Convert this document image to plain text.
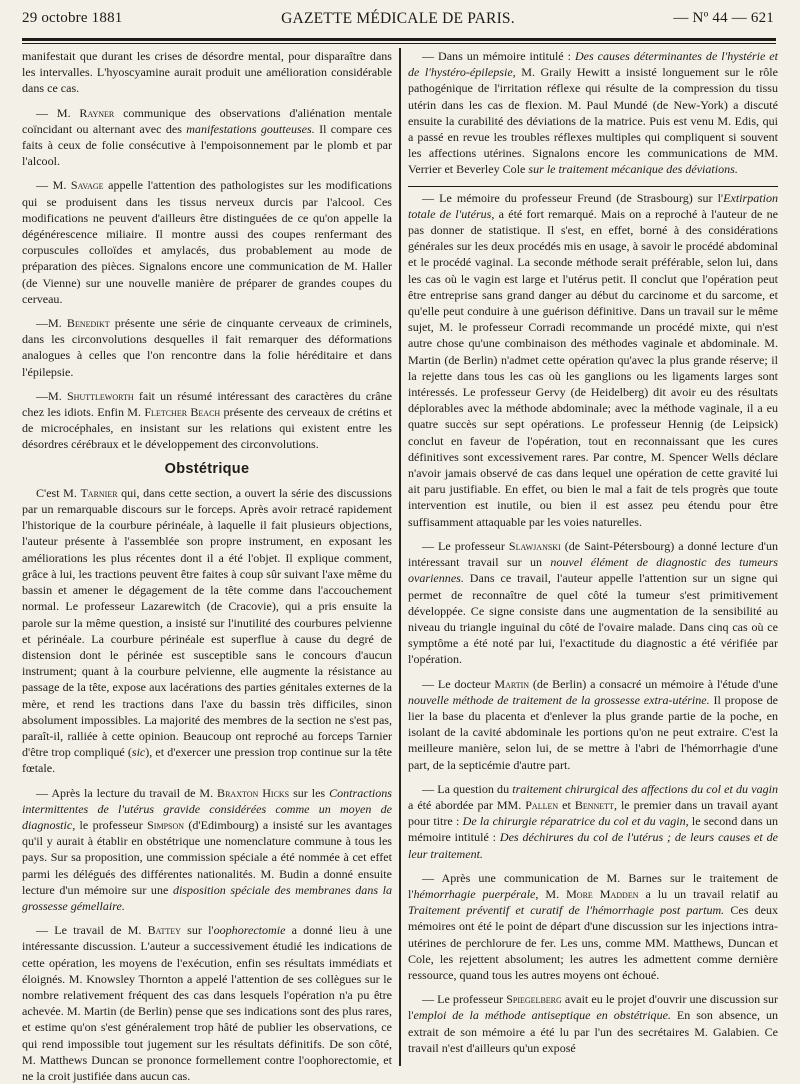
29 octobre 1881	GAZETTE MÉDICALE DE PARIS.	— Nº 44 — 621

manifestait que durant les crises de désordre mental, pour disparaître dans les intervalles. L'hyoscyamine aurait produit une amélioration considérable dans ce cas.

— M. Rayner communique des observations d'aliénation mentale coïncidant ou alternant avec des manifestations goutteuses. Il compare ces faits à ceux de folie consécutive à l'empoisonnement par le plomb et par l'alcool.

— M. Savage appelle l'attention des pathologistes sur les modifications qui se produisent dans les tissus nerveux durcis par l'alcool. Ces modifications ne peuvent d'ailleurs être distinguées de ce qu'on appelle la dégénérescence miliaire. Il montre aussi des coupes renfermant des corpuscules colloïdes et amylacés, dus probablement au mode de préparation des pièces. Signalons encore une communication de M. Haller (de Vienne) sur une nouvelle manière de préparer de grandes coupes du cerveau.

—M. Benedikt présente une série de cinquante cerveaux de criminels, dans les circonvolutions desquelles il fait remarquer des déformations analogues à celles que l'on rencontre dans la folie héréditaire et dans l'épilepsie.

—M. Shuttleworth fait un résumé intéressant des caractères du crâne chez les idiots. Enfin M. Fletcher Beach présente des cerveaux de crétins et de microcéphales, en insistant sur les relations qui existent entre les désordres cérébraux et le développement des circonvolutions.

Obstétrique

C'est M. Tarnier qui, dans cette section, a ouvert la série des discussions par un remarquable discours sur le forceps. Après avoir retracé rapidement l'historique de la courbure périnéale, à laquelle il fait plusieurs objections, l'auteur présente à l'assemblée son propre instrument, en exposant les améliorations les plus récentes dont il a été l'objet. Il explique comment, grâce à lui, les tractions peuvent être faites à coup sûr suivant l'axe même du bassin et amener le dégagement de la tête comme dans l'accouchement normal. Le professeur Lazarewitch (de Cracovie), qui a pris ensuite la parole sur la même question, a insisté sur l'inutilité des courbures pelvienne et périnéale. La courbure périnéale est superflue à cause du degré de distension dont le périnée est susceptible sans le concours d'aucun instrument; quant à la courbure pelvienne, elle augmente la résistance au passage de la tête, expose aux lacérations des parties génitales externes de la mère, et rend les tractions dans l'axe du bassin très difficiles, sinon absolument impossibles. La majorité des membres de la section ne s'est pas, paraît-il, ralliée à cette opinion. Beaucoup ont reproché au forceps Tarnier d'être trop compliqué (sic), et d'exercer une pression trop continue sur la tête fœtale.

— Après la lecture du travail de M. Braxton Hicks sur les Contractions intermittentes de l'utérus gravide considérées comme un moyen de diagnostic, le professeur Simpson (d'Edimbourg) a insisté sur les avantages qu'il y aurait à établir en obstétrique une nomenclature commune à tous les pays. Sur sa proposition, une commission spéciale a été nommée à cet effet parmi les délégués des différentes nationalités. M. Budin a donné ensuite lecture d'un mémoire sur une disposition spéciale des membranes dans la grossesse gémellaire.

— Le travail de M. Battey sur l'oophorectomie a donné lieu à une intéressante discussion. L'auteur a successivement étudié les indications de cette opération, les moyens de l'exécution, enfin ses résultats immédiats et éloignés. M. Knowsley Thornton a appelé l'attention de ses collègues sur le nombre relativement fréquent des cas dans lesquels l'opération n'a pu être achevée. M. Martin (de Berlin) pense que ses indications sont des plus rares, et estime qu'on s'est généralement trop hâté de publier les observations, ce qui rend impossible tout jugement sur les résultats définitifs. De son côté, M. Matthews Duncan se prononce formellement contre l'oophorectomie, et ne la croit justifiée dans aucun cas.

— Dans un mémoire intitulé : Des causes déterminantes de l'hystérie et de l'hystéro-épilepsie, M. Graily Hewitt a insisté longuement sur le rôle pathogénique de l'irritation réflexe qui résulte de la compression du tissu utérin dans les cas de flexion. M. Paul Mundé (de New-York) a discuté ensuite la curabilité des déviations de la matrice. Puis est venu M. Edis, qui a passé en revue les troubles réflexes multiples qui compliquent si souvent les affections utérines. Signalons encore les communications de MM. Verrier et Beverley Cole sur le traitement mécanique des déviations.

— Le mémoire du professeur Freund (de Strasbourg) sur l'Extirpation totale de l'utérus, a été fort remarqué. Mais on a reproché à l'auteur de ne pas donner de statistique. Il s'est, en effet, borné à des considérations générales sur les deux procédés mis en usage, à savoir le procédé abdominal et le procédé vaginal. La seconde méthode serait préférable, selon lui, dans les cas où le vagin est large et l'utérus petit. Il conclut que l'opération peut être entreprise sans grand danger au début du carcinome et du sarcome, et qu'elle peut conduire à une guérison définitive. Dans un travail sur le même sujet, M. le professeur Corradi recommande un procédé mixte, qui n'est autre chose qu'une combinaison des méthodes vaginale et abdominale. M. Martin (de Berlin) n'admet cette opération qu'avec la plus grande réserve; il la rejette dans tous les cas où les ganglions ou les ligaments larges sont intéressés. Le professeur Gervy (de Heidelberg) dit avoir eu des résultats déplorables avec la méthode abdominale; avec la méthode vaginale, il a eu quatre succès sur sept opérations. Le professeur Hennig (de Leipsick) conclut en faveur de l'opération, tout en reconnaissant que les cures définitives sont excessivement rares. Par contre, M. Spencer Wells déclare n'avoir jamais observé de cas dans lequel une opération de cette gravité lui ait paru justifiable. En effet, ou bien le mal a fait de tels progrès que toute intervention est inutile, ou bien il est assez peu étendu pour être suffisamment attaquable par les voies naturelles.

— Le professeur Slawjanski (de Saint-Pétersbourg) a donné lecture d'un intéressant travail sur un nouvel élément de diagnostic des tumeurs ovariennes. Dans ce travail, l'auteur appelle l'attention sur un signe qui permet de reconnaître de quel côté la tumeur s'est primitivement développée. Ce signe consiste dans une augmentation de la sensibilité au niveau du triangle inguinal du côté de l'ovaire malade. Dans cinq cas où ce symptôme a été noté par lui, l'exactitude du diagnostic a été vérifiée par l'opération.

— Le docteur Martin (de Berlin) a consacré un mémoire à l'étude d'une nouvelle méthode de traitement de la grossesse extra-utérine. Il propose de lier la base du placenta et d'enlever la plus grande partie de la poche, en isolant de la cavité abdominale les portions qu'on ne peut extraire. C'est la meilleure manière, selon lui, de se mettre à l'abri de l'hémorrhagie d'une part, de la septicémie d'autre part.

— La question du traitement chirurgical des affections du col et du vagin a été abordée par MM. Pallen et Bennett, le premier dans un travail ayant pour titre : De la chirurgie réparatrice du col et du vagin, le second dans un mémoire intitulé : Des déchirures du col de l'utérus ; de leurs causes et de leur traitement.

— Après une communication de M. Barnes sur le traitement de l'hémorrhagie puerpérale, M. More Madden a lu un travail relatif au Traitement préventif et curatif de l'hémorrhagie post partum. Ces deux mémoires ont été le point de départ d'une discussion sur les injections intra-utérines de perchlorure de fer. Les uns, comme MM. Matthews, Duncan et Cole, les rejettent absolument; les autres les admettent comme dernière ressource, quand tous les autres moyens ont échoué.

— Le professeur Spiegelberg avait eu le projet d'ouvrir une discussion sur l'emploi de la méthode antiseptique en obstétrique. En son absence, un extrait de son mémoire a été lu par l'un des secrétaires M. Galabien. Ce travail n'est d'ailleurs qu'un exposé
